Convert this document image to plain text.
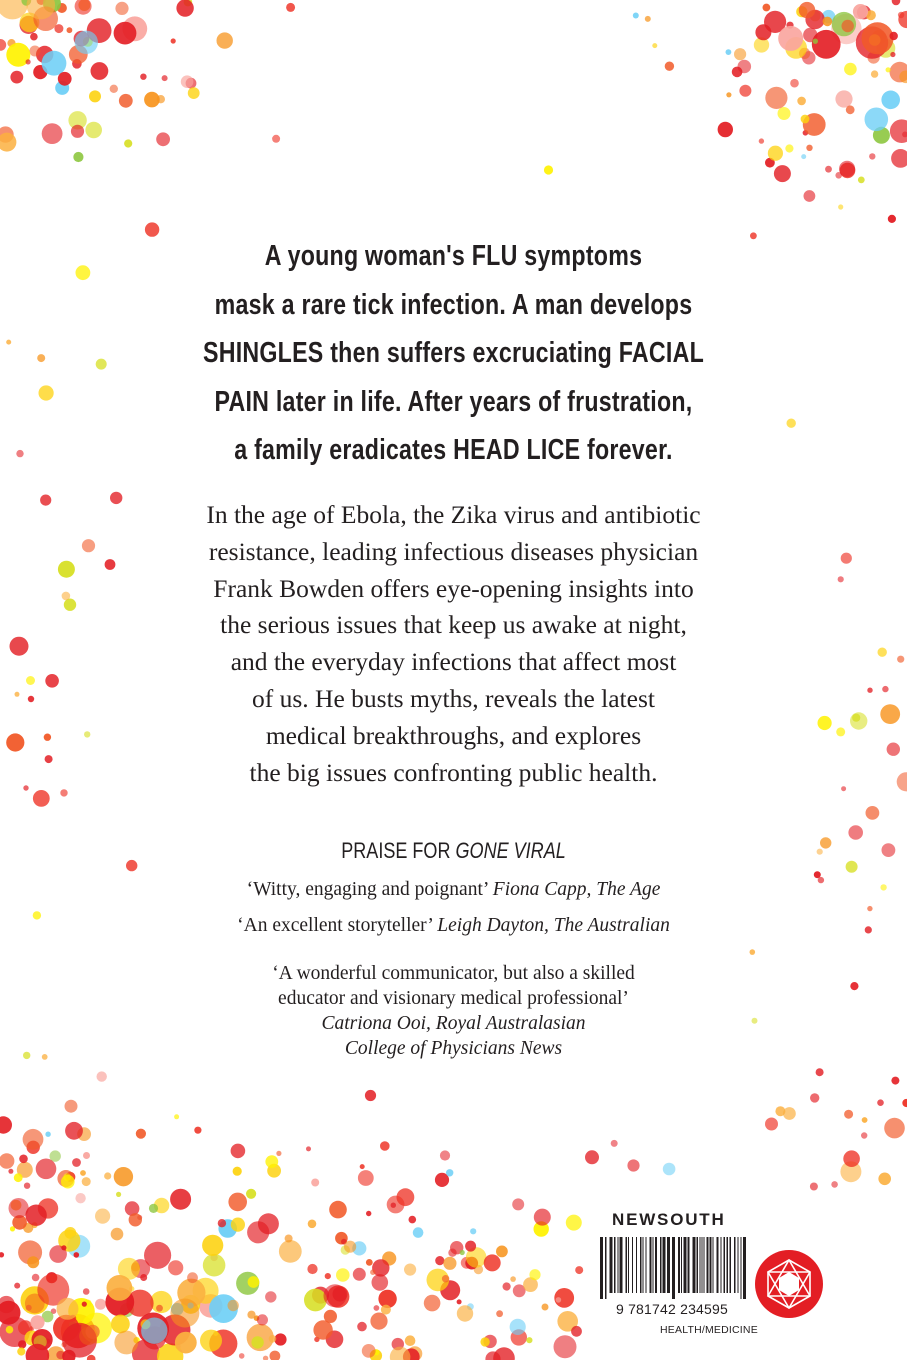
A young woman's FLU symptoms
mask a rare tick infection. A man develops
SHINGLES then suffers excruciating FACIAL
PAIN later in life. After years of frustration,
a family eradicates HEAD LICE forever.
In the age of Ebola, the Zika virus and antibiotic
resistance, leading infectious diseases physician
Frank Bowden offers eye-opening insights into
the serious issues that keep us awake at night,
and the everyday infections that affect most
of us. He busts myths, reveals the latest
medical breakthroughs, and explores
the big issues confronting public health.
PRAISE FOR GONE VIRAL
‘Witty, engaging and poignant’ Fiona Capp, The Age
‘An excellent storyteller’ Leigh Dayton, The Australian
‘A wonderful communicator, but also a skilled
educator and visionary medical professional’
Catriona Ooi, Royal Australasian
College of Physicians News
NEWSOUTH
9 781742 234595
HEALTH/MEDICINE
